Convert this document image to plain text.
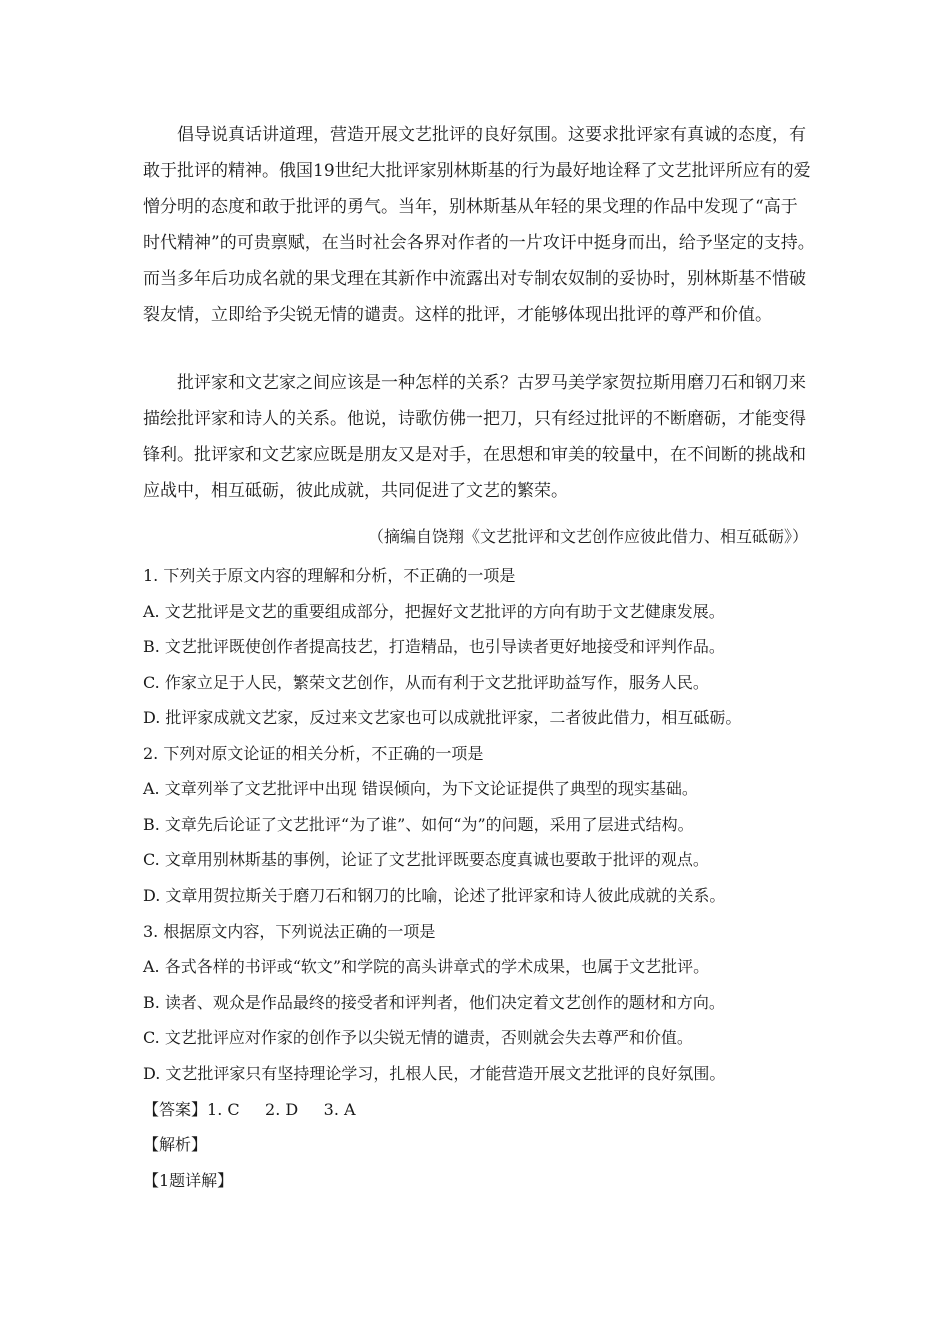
倡导说真话讲道理，营造开展文艺批评的良好氛围。这要求批评家有真诚的态度，有
敢于批评的精神。俄国19世纪大批评家别林斯基的行为最好地诠释了文艺批评所应有的爱
憎分明的态度和敢于批评的勇气。当年，别林斯基从年轻的果戈理的作品中发现了“高于
时代精神”的可贵禀赋，在当时社会各界对作者的一片攻讦中挺身而出，给予坚定的支持。
而当多年后功成名就的果戈理在其新作中流露出对专制农奴制的妥协时，别林斯基不惜破
裂友情，立即给予尖锐无情的谴责。这样的批评，才能够体现出批评的尊严和价值。
批评家和文艺家之间应该是一种怎样的关系？古罗马美学家贺拉斯用磨刀石和钢刀来
描绘批评家和诗人的关系。他说，诗歌仿佛一把刀，只有经过批评的不断磨砺，才能变得
锋利。批评家和文艺家应既是朋友又是对手，在思想和审美的较量中，在不间断的挑战和
应战中，相互砥砺，彼此成就，共同促进了文艺的繁荣。
（摘编自饶翔《文艺批评和文艺创作应彼此借力、相互砥砺》）
1. 下列关于原文内容的理解和分析，不正确的一项是
A. 文艺批评是文艺的重要组成部分，把握好文艺批评的方向有助于文艺健康发展。
B. 文艺批评既使创作者提高技艺，打造精品，也引导读者更好地接受和评判作品。
C. 作家立足于人民，繁荣文艺创作，从而有利于文艺批评助益写作，服务人民。
D. 批评家成就文艺家，反过来文艺家也可以成就批评家，二者彼此借力，相互砥砺。
2. 下列对原文论证的相关分析，不正确的一项是
A. 文章列举了文艺批评中出现 错误倾向，为下文论证提供了典型的现实基础。
B. 文章先后论证了文艺批评“为了谁”、如何“为”的问题，采用了层进式结构。
C. 文章用别林斯基的事例，论证了文艺批评既要态度真诚也要敢于批评的观点。
D. 文章用贺拉斯关于磨刀石和钢刀的比喻，论述了批评家和诗人彼此成就的关系。
3. 根据原文内容，下列说法正确的一项是
A. 各式各样的书评或“软文”和学院的高头讲章式的学术成果，也属于文艺批评。
B. 读者、观众是作品最终的接受者和评判者，他们决定着文艺创作的题材和方向。
C. 文艺批评应对作家的创作予以尖锐无情的谴责，否则就会失去尊严和价值。
D. 文艺批评家只有坚持理论学习，扎根人民，才能营造开展文艺批评的良好氛围。
【答案】1. C     2. D     3. A
【解析】
【1题详解】
